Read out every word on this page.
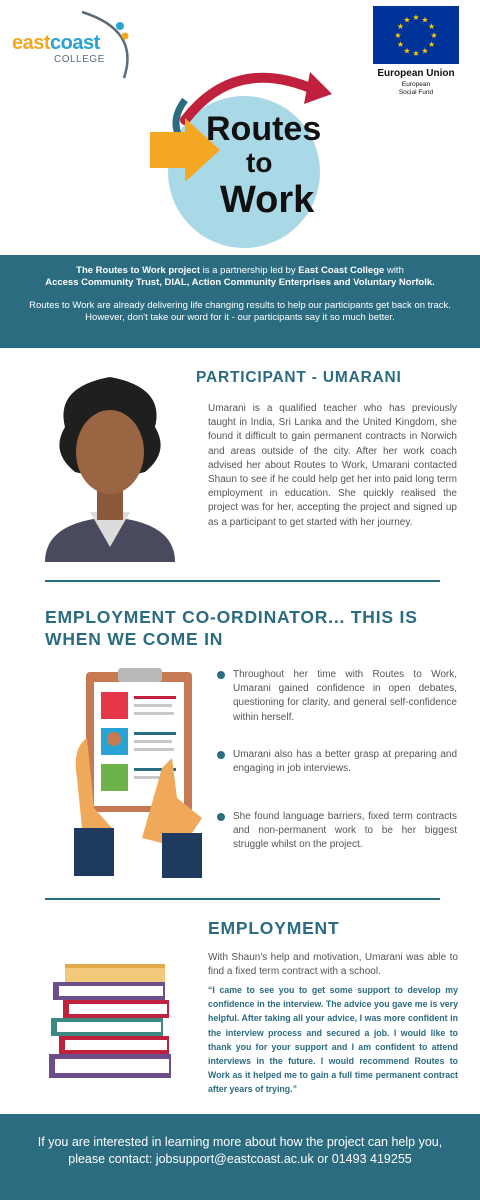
eastcoast
COLLEGE
★
★
★
★
★
★
★
★
★ ★ ★
★
European Union
European
Social Fund
Routes
to
Work

The Routes to Work project is a partnership led by East Coast College with
Access Community Trust, DIAL, Action Community Enterprises and Voluntary Norfolk.

Routes to Work are already delivering life changing results to help our participants get back on track.
However, don't take our word for it - our participants say it so much better.

PARTICIPANT - UMARANI
Umarani is a qualified teacher who has previously taught in India, Sri Lanka and the United Kingdom, she found it difficult to gain permanent contracts in Norwich and areas outside of the city. After her work coach advised her about Routes to Work, Umarani contacted Shaun to see if he could help get her into paid long term employment in education. She quickly realised the project was for her, accepting the project and signed up as a participant to get started with her journey.
EMPLOYMENT CO-ORDINATOR... THIS IS
WHEN WE COME IN
Throughout her time with Routes to Work, Umarani gained confidence in open debates, questioning for clarity, and general self-confidence within herself.
Umarani also has a better grasp at preparing and engaging in job interviews.
She found language barriers, fixed term contracts and non-permanent work to be her biggest struggle whilst on the project.
EMPLOYMENT
With Shaun's help and motivation, Umarani was able to find a fixed term contract with a school.
“I came to see you to get some support to develop my confidence in the interview. The advice you gave me is very helpful. After taking all your advice, I was more confident in the interview process and secured a job. I would like to thank you for your support and I am confident to attend interviews in the future. I would recommend Routes to Work as it helped me to gain a full time permanent contract after years of trying.”
If you are interested in learning more about how the project can help you,
please contact: jobsupport@eastcoast.ac.uk or 01493 419255
